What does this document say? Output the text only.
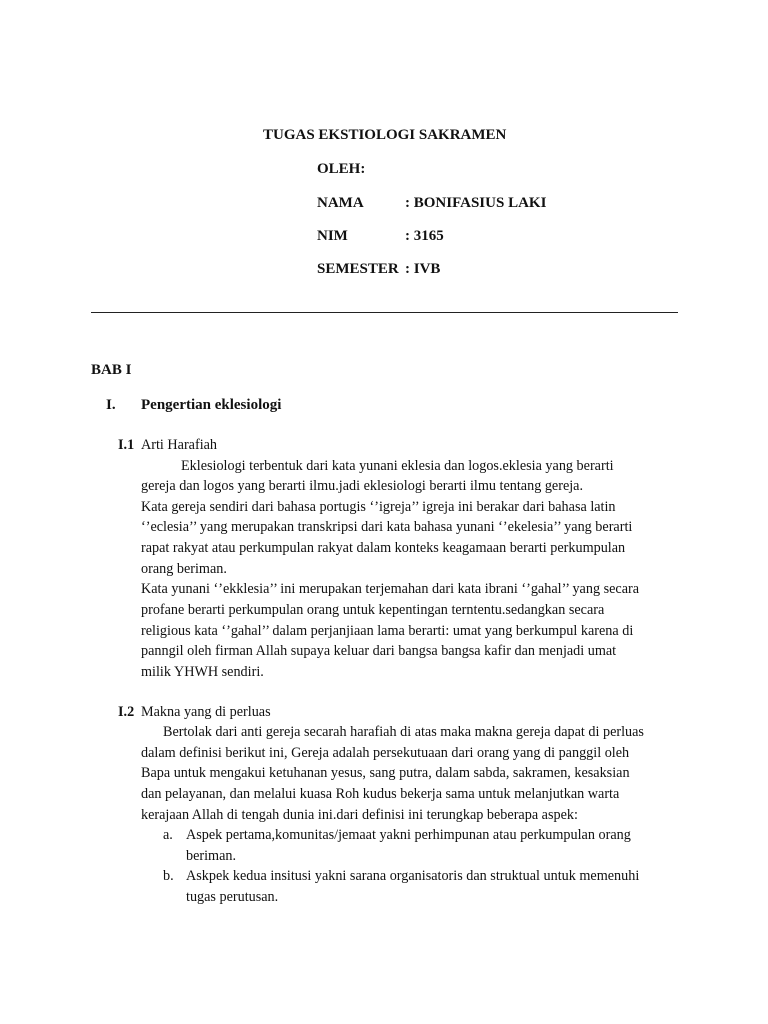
TUGAS EKSTIOLOGI SAKRAMEN
OLEH:
NAMA	: BONIFASIUS LAKI
NIM	: 3165
SEMESTER : IVB
BAB I
I. Pengertian eklesiologi
I.1 Arti Harafiah
Eklesiologi terbentuk dari kata yunani eklesia dan logos.eklesia yang berarti
gereja dan logos yang berarti ilmu.jadi eklesiologi berarti ilmu tentang gereja.
Kata gereja sendiri dari bahasa portugis ‘’igreja’’ igreja ini berakar dari bahasa latin
‘’eclesia’’ yang merupakan transkripsi dari kata bahasa yunani ‘’ekelesia’’ yang berarti
rapat rakyat atau perkumpulan rakyat dalam konteks keagamaan berarti perkumpulan
orang beriman.
Kata yunani ‘’ekklesia’’ ini merupakan terjemahan dari kata ibrani ‘’gahal’’ yang secara
profane berarti perkumpulan orang untuk kepentingan terntentu.sedangkan secara
religious kata ‘’gahal’’ dalam perjanjiaan lama berarti: umat yang berkumpul karena di
panngil oleh firman Allah supaya keluar dari bangsa bangsa kafir dan menjadi umat
milik YHWH sendiri.
I.2 Makna yang di perluas
Bertolak dari anti gereja secarah harafiah di atas maka makna gereja dapat di perluas
dalam definisi berikut ini, Gereja adalah persekutuaan dari orang yang di panggil oleh
Bapa untuk mengakui ketuhanan yesus, sang putra, dalam sabda, sakramen, kesaksian
dan pelayanan, dan melalui kuasa Roh kudus bekerja sama untuk melanjutkan warta
kerajaan Allah di tengah dunia ini.dari definisi ini terungkap beberapa aspek:
a. Aspek pertama,komunitas/jemaat yakni perhimpunan atau perkumpulan orang
beriman.
b. Askpek kedua insitusi yakni sarana organisatoris dan struktual untuk memenuhi
tugas perutusan.
